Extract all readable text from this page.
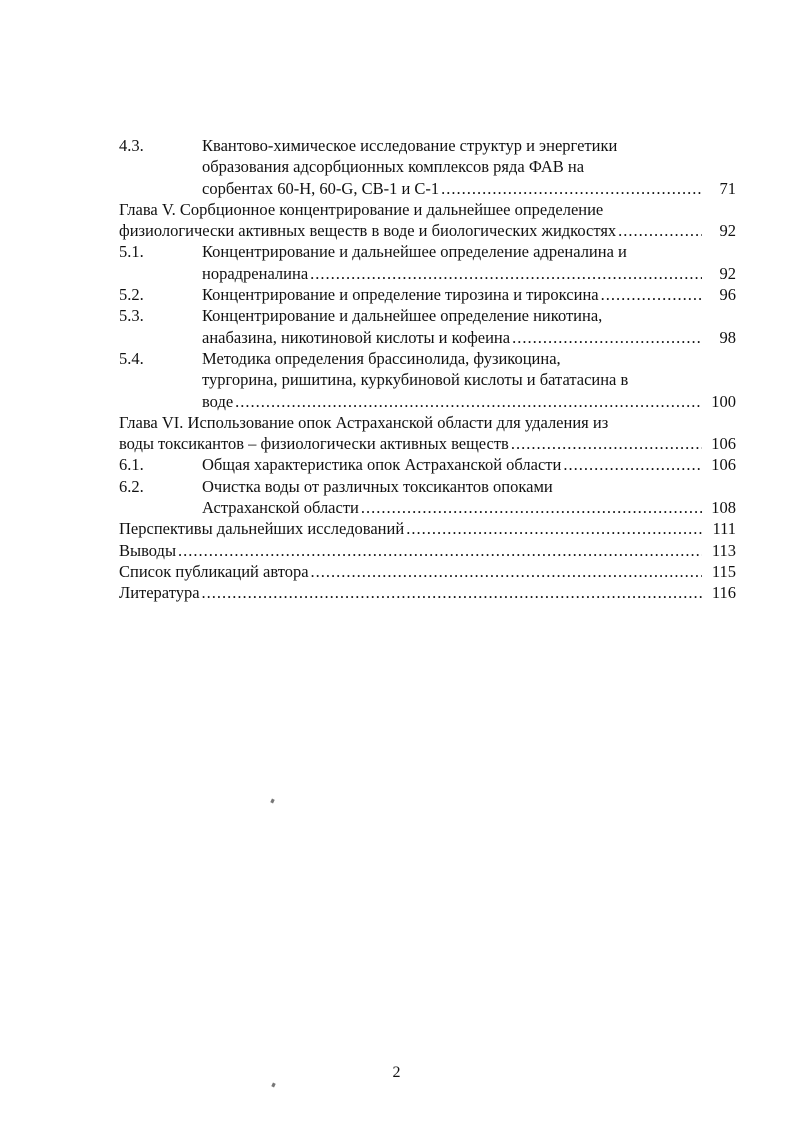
4.3.	Квантово-химическое исследование структур и энергетики
образования адсорбционных комплексов ряда ФАВ на
сорбентах 60-H, 60-G, CB-1 и С-1 .....	71
Глава V. Сорбционное концентрирование и дальнейшее определение
физиологически активных веществ в воде и биологических жидкостях .....	92
5.1.	Концентрирование и дальнейшее определение адреналина и
норадреналина .....	92
5.2.	Концентрирование и определение тирозина и тироксина .....	96
5.3.	Концентрирование и дальнейшее определение никотина,
анабазина, никотиновой кислоты и кофеина .....	98
5.4.	Методика определения брассинолида, фузикоцина,
тургорина, ришитина, куркубиновой кислоты и бататасина в
воде .....	100
Глава VI. Использование опок Астраханской области для удаления из
воды токсикантов – физиологически активных веществ .....	106
6.1.	Общая характеристика опок Астраханской области .....	106
6.2.	Очистка воды от различных токсикантов опоками
Астраханской области .....	108
Перспективы дальнейших исследований .....	111
Выводы .....	113
Список публикаций автора .....	115
Литература .....	116
2
